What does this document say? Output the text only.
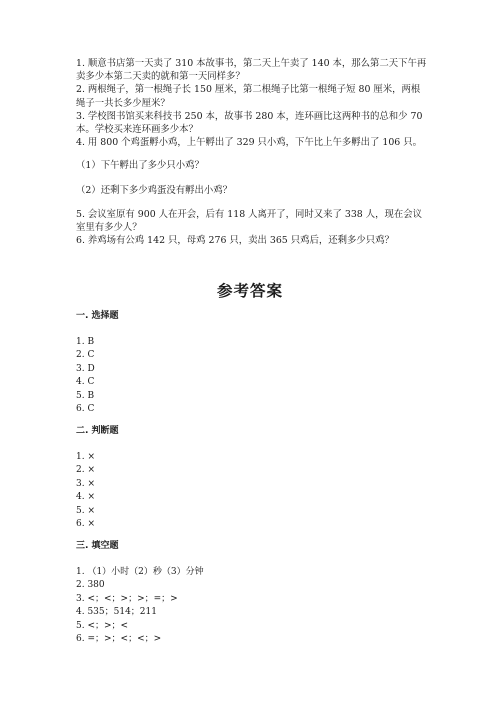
1. 顺意书店第一天卖了 310 本故事书，第二天上午卖了 140 本，那么第二天下午再卖多少本第二天卖的就和第一天同样多？

2. 两根绳子，第一根绳子长 150 厘米，第二根绳子比第一根绳子短 80 厘米，两根绳子一共长多少厘米？

3. 学校图书馆买来科技书 250 本，故事书 280 本，连环画比这两种书的总和少 70 本。学校买来连环画多少本？

4. 用 800 个鸡蛋孵小鸡，上午孵出了 329 只小鸡，下午比上午多孵出了 106 只。

（1）下午孵出了多少只小鸡？

（2）还剩下多少鸡蛋没有孵出小鸡？

5. 会议室原有 900 人在开会，后有 118 人离开了，同时又来了 338 人，现在会议室里有多少人？

6. 养鸡场有公鸡 142 只，母鸡 276 只，卖出 365 只鸡后，还剩多少只鸡？

参考答案

一. 选择题

1. B

2. C

3. D

4. C

5. B

6. C

二. 判断题

1. ×

2. ×

3. ×

4. ×

5. ×

6. ×

三. 填空题

1. （1）小时（2）秒（3）分钟

2. 380

3. <；<；>；>；=；>

4. 535；514；211

5. <；>；<

6. =；>；<；<；>
